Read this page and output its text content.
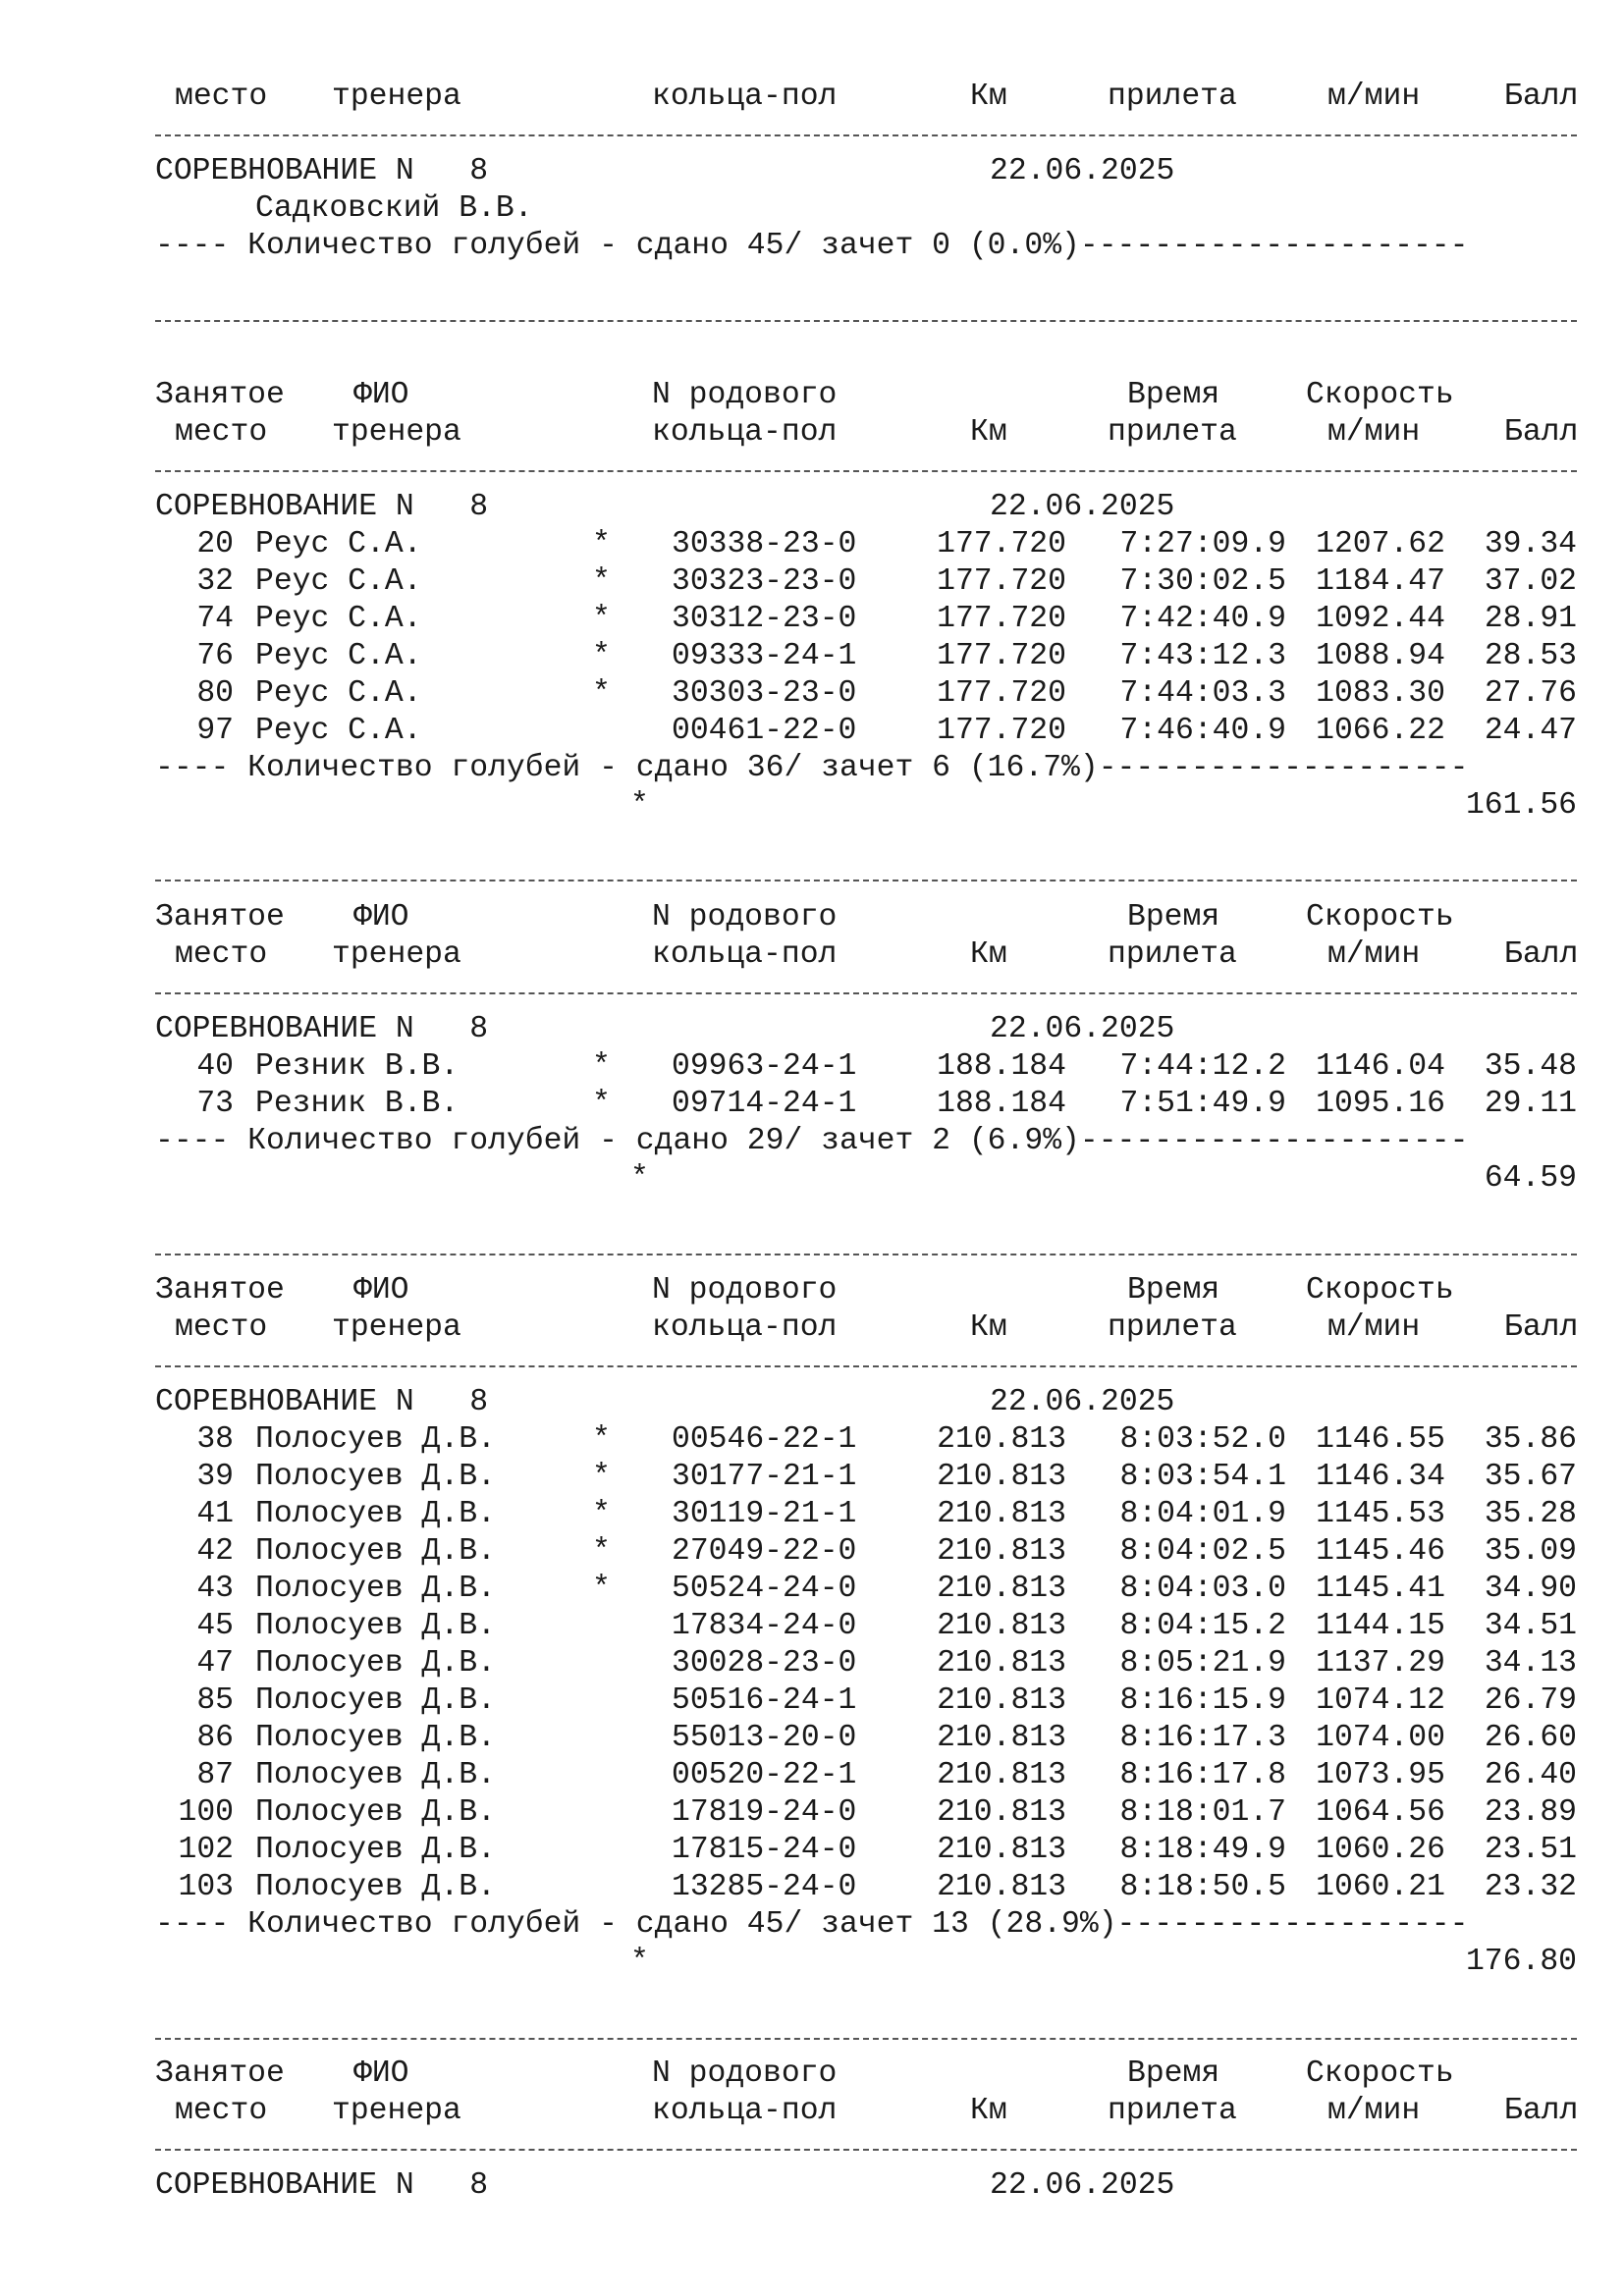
место тренера	кольца-пол	Км	прилета	м/мин	Балл
СОРЕВНОВАНИЕ N   8	22.06.2025
Садковский В.В.
---- Количество голубей - сдано 45/ зачет 0 (0.0%)---------------------
Занятое ФИО	N родового	Время	Скорость
место тренера	кольца-пол	Км	прилета	м/мин	Балл
СОРЕВНОВАНИЕ N   8	22.06.2025
20 Реус С.А.	* 30338-23-0	177.720 7:27:09.9 1207.62 39.34
32 Реус С.А.	* 30323-23-0	177.720 7:30:02.5 1184.47 37.02
74 Реус С.А.	* 30312-23-0	177.720 7:42:40.9 1092.44 28.91
76 Реус С.А.	* 09333-24-1	177.720 7:43:12.3 1088.94 28.53
80 Реус С.А.	* 30303-23-0	177.720 7:44:03.3 1083.30 27.76
97 Реус С.А.	00461-22-0	177.720 7:46:40.9 1066.22 24.47
---- Количество голубей - сдано 36/ зачет 6 (16.7%)--------------------
*	161.56
Занятое ФИО	N родового	Время	Скорость
место тренера	кольца-пол	Км	прилета	м/мин	Балл
СОРЕВНОВАНИЕ N   8	22.06.2025
40 Резник В.В.	* 09963-24-1	188.184 7:44:12.2 1146.04 35.48
73 Резник В.В.	* 09714-24-1	188.184 7:51:49.9 1095.16 29.11
---- Количество голубей - сдано 29/ зачет 2 (6.9%)---------------------
*	64.59
Занятое ФИО	N родового	Время	Скорость
место тренера	кольца-пол	Км	прилета	м/мин	Балл
СОРЕВНОВАНИЕ N   8	22.06.2025
38 Полосуев Д.В.	* 00546-22-1	210.813 8:03:52.0 1146.55 35.86
39 Полосуев Д.В.	* 30177-21-1	210.813 8:03:54.1 1146.34 35.67
41 Полосуев Д.В.	* 30119-21-1	210.813 8:04:01.9 1145.53 35.28
42 Полосуев Д.В.	* 27049-22-0	210.813 8:04:02.5 1145.46 35.09
43 Полосуев Д.В.	* 50524-24-0	210.813 8:04:03.0 1145.41 34.90
45 Полосуев Д.В.	17834-24-0	210.813 8:04:15.2 1144.15 34.51
47 Полосуев Д.В.	30028-23-0	210.813 8:05:21.9 1137.29 34.13
85 Полосуев Д.В.	50516-24-1	210.813 8:16:15.9 1074.12 26.79
86 Полосуев Д.В.	55013-20-0	210.813 8:16:17.3 1074.00 26.60
87 Полосуев Д.В.	00520-22-1	210.813 8:16:17.8 1073.95 26.40
100 Полосуев Д.В.	17819-24-0	210.813 8:18:01.7 1064.56 23.89
102 Полосуев Д.В.	17815-24-0	210.813 8:18:49.9 1060.26 23.51
103 Полосуев Д.В.	13285-24-0	210.813 8:18:50.5 1060.21 23.32
---- Количество голубей - сдано 45/ зачет 13 (28.9%)-------------------
*	176.80
Занятое ФИО	N родового	Время	Скорость
место тренера	кольца-пол	Км	прилета	м/мин	Балл
СОРЕВНОВАНИЕ N   8	22.06.2025
